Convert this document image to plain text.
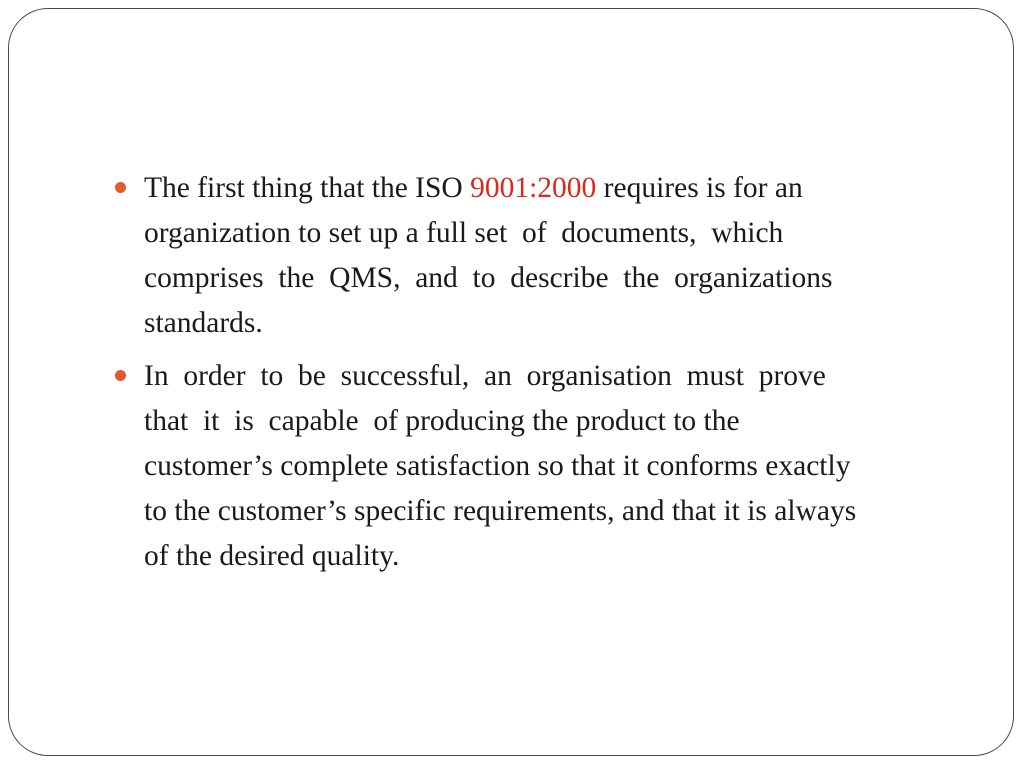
The first thing that the ISO 9001:2000 requires is for an
organization to set up a full set  of  documents,  which
comprises  the  QMS,  and  to  describe  the  organizations
standards.
In  order  to  be  successful,  an  organisation  must  prove
that  it  is  capable  of producing the product to the
customer’s complete satisfaction so that it conforms exactly
to the customer’s specific requirements, and that it is always
of the desired quality.
